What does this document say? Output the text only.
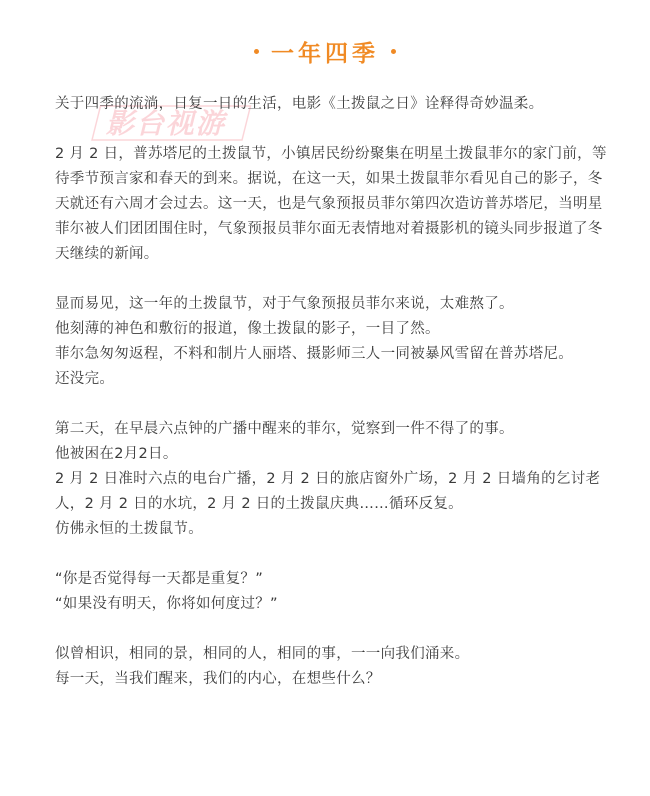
一年四季
影台视游

关于四季的流淌，日复一日的生活，电影《土拨鼠之日》诠释得奇妙温柔。

2 月 2 日，普苏塔尼的土拨鼠节，小镇居民纷纷聚集在明星土拨鼠菲尔的家门前，等待季节预言家和春天的到来。据说，在这一天，如果土拨鼠菲尔看见自己的影子，冬天就还有六周才会过去。这一天，也是气象预报员菲尔第四次造访普苏塔尼，当明星菲尔被人们团团围住时，气象预报员菲尔面无表情地对着摄影机的镜头同步报道了冬天继续的新闻。

显而易见，这一年的土拨鼠节，对于气象预报员菲尔来说，太难熬了。

他刻薄的神色和敷衍的报道，像土拨鼠的影子，一目了然。

菲尔急匆匆返程，不料和制片人丽塔、摄影师三人一同被暴风雪留在普苏塔尼。

还没完。

第二天，在早晨六点钟的广播中醒来的菲尔，觉察到一件不得了的事。

他被困在2月2日。

2 月 2 日准时六点的电台广播，2 月 2 日的旅店窗外广场，2 月 2 日墙角的乞讨老人，2 月 2 日的水坑，2 月 2 日的土拨鼠庆典……循环反复。

仿佛永恒的土拨鼠节。

“你是否觉得每一天都是重复？”

“如果没有明天，你将如何度过？”

似曾相识，相同的景，相同的人，相同的事，一一向我们涌来。

每一天，当我们醒来，我们的内心，在想些什么？
